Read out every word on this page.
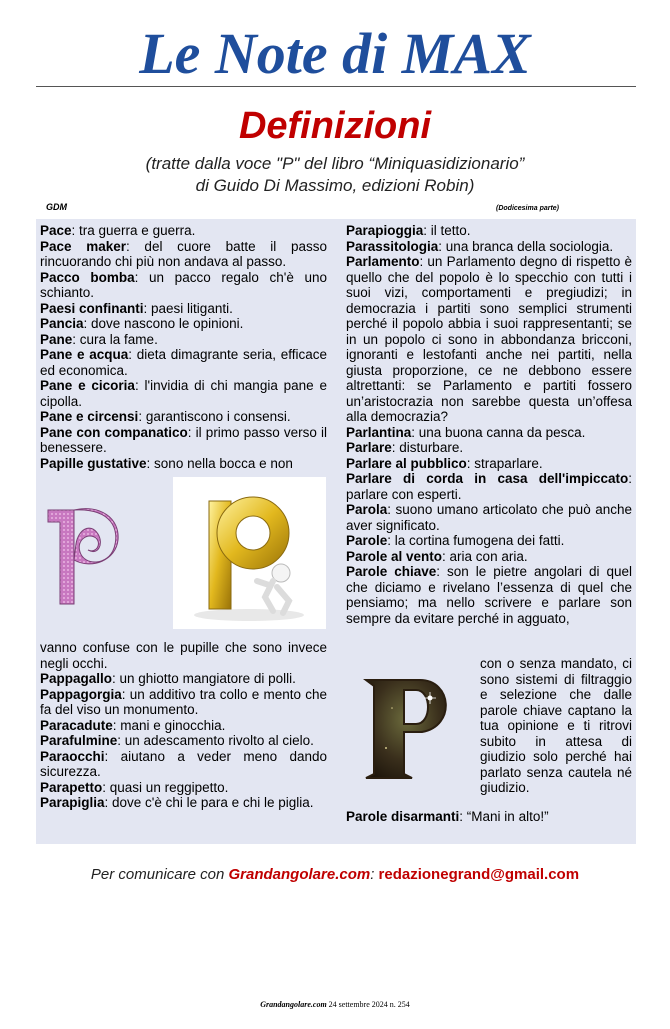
Le Note di MAX
Definizioni
(tratte dalla voce "P" del libro “Miniquasidizionario”
di Guido Di Massimo, edizioni Robin)
GDM	(Dodicesima parte)

Pace: tra guerra e guerra.

Pace maker: del cuore batte il passo rincuorando chi più non andava al passo.

Pacco bomba: un pacco regalo ch'è uno schianto.

Paesi confinanti: paesi litiganti.

Pancia: dove nascono le opinioni.

Pane: cura la fame.

Pane e acqua: dieta dimagrante seria, efficace ed economica.

Pane e cicoria: l'invidia di chi mangia pane e cipolla.

Pane e circensi: garantiscono i consensi.

Pane con companatico: il primo passo verso il benessere.

Papille gustative: sono nella bocca e non

vanno confuse con le pupille che sono invece negli occhi.

Pappagallo: un ghiotto mangiatore di polli.

Pappagorgia: un additivo tra collo e mento che fa del viso un monumento.

Paracadute: mani e ginocchia.

Parafulmine: un adescamento rivolto al cielo.

Paraocchi: aiutano a veder meno dando sicurezza.

Parapetto: quasi un reggipetto.

Parapiglia: dove c'è chi le para e chi le piglia.

Parapioggia: il tetto.

Parassitologia: una branca della sociologia.

Parlamento: un Parlamento degno di rispetto è quello che del popolo è lo specchio con tutti i suoi vizi, comportamenti e pregiudizi; in democrazia i partiti sono semplici strumenti perché il popolo abbia i suoi rappresentanti; se in un popolo ci sono in abbondanza bricconi, ignoranti e lestofanti anche nei partiti, nella giusta proporzione, ce ne debbono essere altrettanti: se Parlamento e partiti fossero un’aristocrazia non sarebbe questa un’offesa alla democrazia?

Parlantina: una buona canna da pesca.

Parlare: disturbare.

Parlare al pubblico: straparlare.

Parlare di corda in casa dell'impiccato: parlare con esperti.

Parola: suono umano articolato che può anche aver significato.

Parole: la cortina fumogena dei fatti.

Parole al vento: aria con aria.

Parole chiave: son le pietre angolari di quel che diciamo e rivelano l’essenza di quel che pensiamo; ma nello scrivere e parlare son sempre da evitare perché in agguato,

con o senza mandato, ci sono sistemi di filtraggio e selezione che dalle parole chiave captano la tua opinione e ti ritrovi subito in attesa di giudizio solo perché hai parlato senza cautela né giudizio.

Parole disarmanti: “Mani in alto!”

Per comunicare con Grandangolare.com: redazionegrand@gmail.com
Grandangolare.com 24 settembre 2024 n. 254
